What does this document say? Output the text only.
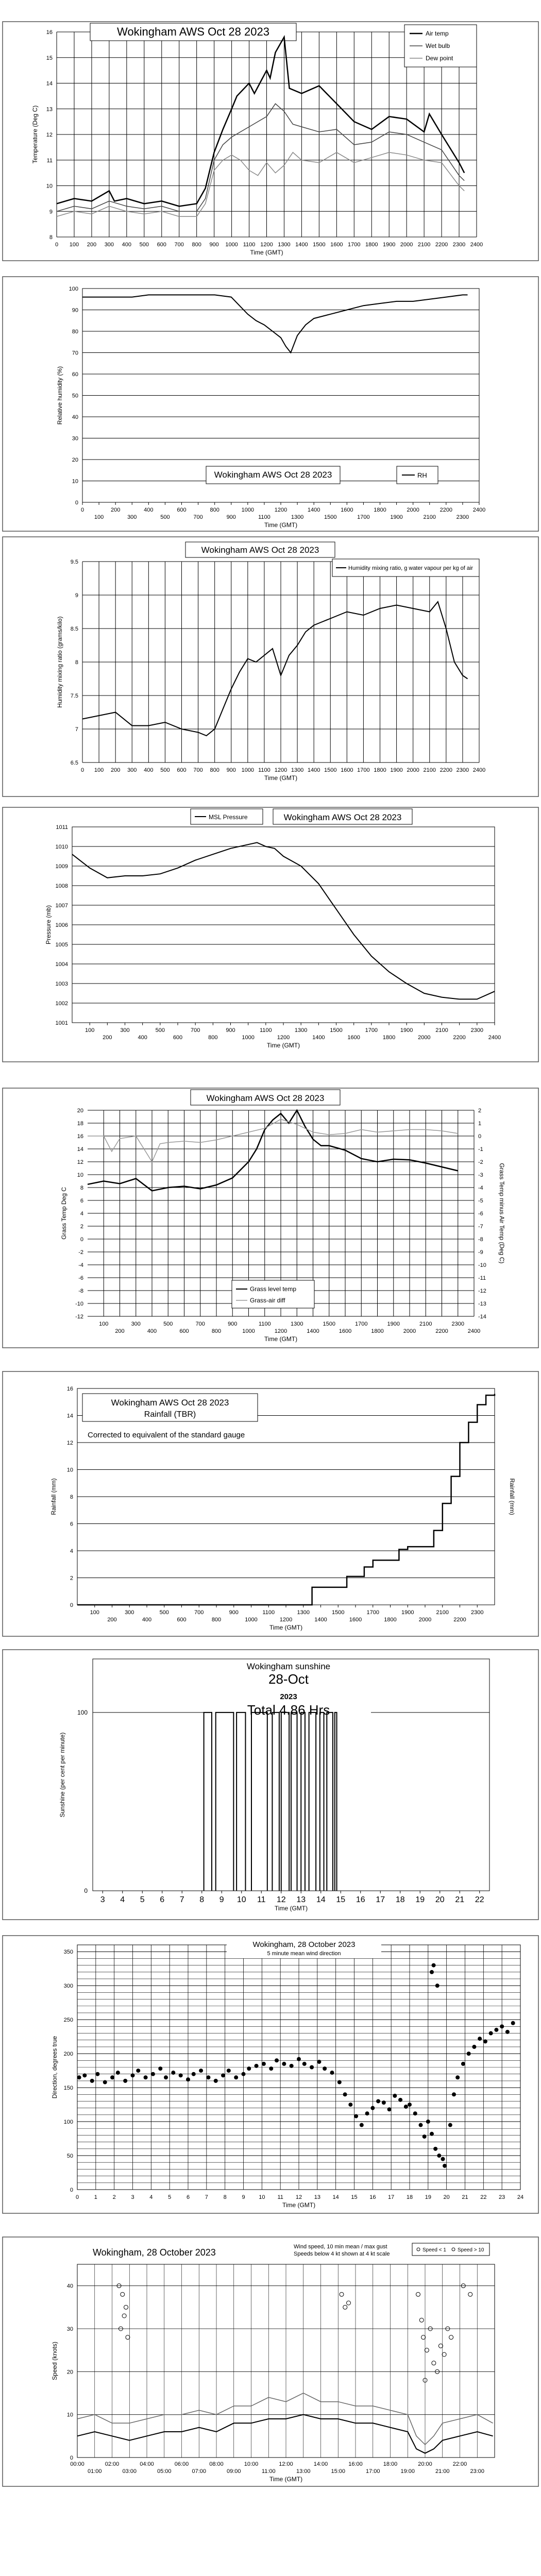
8
9
10
11
12
13
14
15
16
0 100 200 300 400 500 600 700 800 900 1000 1100 1200 1300 1400 1500 1600 1700 1800 1900 2000 2100 2200 2300 2400
Time (GMT)
Temperature (Deg C)
Wokingham AWS Oct 28 2023	Air temp
Wet bulb
Dew point
0
10
20
30
40
50
60
70
80
90
100
0
100
200
300
400
500
600
700
800
900
1000
1100
1200
1300
1400
1500
1600
1700
1800
1900
2000
2100
2200
2300
2400
Time (GMT)
Relative humidity (%)
Wokingham AWS Oct 28 2023	RH
6.5
7
7.5
8
8.5
9
9.5
0 100 200 300 400 500 600 700 800 900 1000 1100 1200 1300 1400 1500 1600 1700 1800 1900 2000 2100 2200 2300 2400
Time (GMT)
Humidity mixing ratio (grams/kilo)
Wokingham AWS Oct 28 2023
Humidity mixing ratio, g water vapour per kg of air
1001
1002
1003
1004
1005
1006
1007
1008
1009
1010
1011
100
200
300
400
500
600
700
800
900
1000
1100
1200
1300
1400
1500
1600
1700
1800
1900
2000
2100
2200
2300
2400
Time (GMT)
Pressure (mb)
MSL Pressure	Wokingham AWS Oct 28 2023
-12
-10
-8
-6
-4
-2
0
2
4
6
8
10
12
14
16
18
20
-14
-13
-12
-11
-10
-9
-8
-7
-6
-5
-4
-3
-2
-1
0
1
2
100
200
300
400
500
600
700
800
900
1000
1100
1200
1300
1400
1500
1600
1700
1800
1900
2000
2100
2200
2300
2400
Time (GMT)
Grass Temp Deg C	Grass Temp minus Air Temp (Deg C)
Wokingham AWS Oct 28 2023
Grass level temp
Grass-air diff
0
2
4
6
8
10
12
14
16
100
200
300
400
500
600
700
800
900
1000
1100
1200
1300
1400
1500
1600
1700
1800
1900
2000
2100
2200
2300
Time (GMT)
Rainfall (mm)	Rainfall (mm)
Wokingham AWS Oct 28 2023
Rainfall (TBR)
Corrected to equivalent of the standard gauge
100
0
Sunshine (per cent per minute)
3 4 5 6 7 8 9 10 11 12 13 14 15 16 17 18 19 20 21 22
Time (GMT)
Wokingham sunshine
28-Oct
2023
Total 4.86 Hrs
0
50
100
150
200
250
300
350
0	1	2	3	4	5	6	7	8	9 10 11 12 13 14 15 16 17 18 19 20 21 22 23 24
Time (GMT)
Direction, degrees true
Wokingham, 28 October 2023
5 minute mean wind direction
0
10
20
30
40
00:00	02:00	04:00	06:00	08:00	10:00	12:00	14:00	16:00	18:00	20:00	22:00
01:00	03:00	05:00	07:00	09:00	11:00	13:00	15:00	17:00	19:00	21:00	23:00
Time (GMT)
Speed (knots)
Wokingham, 28 October 2023
Wind speed, 10 min mean / max gust
Speeds below 4 kt shown at 4 kt scale
Speed < 1 Speed > 10
